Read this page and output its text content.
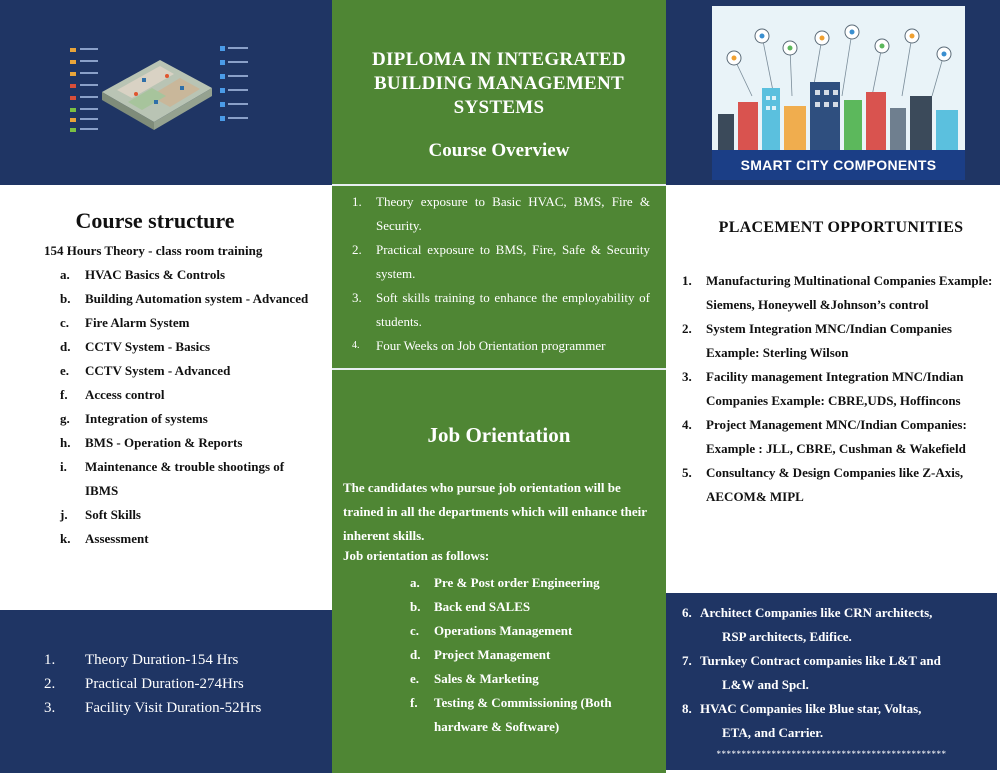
Course structure
154 Hours Theory - class room training
a.	HVAC Basics & Controls
b.	Building Automation system - Advanced
c.	Fire Alarm System
d.	CCTV System - Basics
e.	CCTV System - Advanced
f.	Access control
g.	Integration of systems
h.	BMS - Operation & Reports
i.	Maintenance & trouble shootings of IBMS
j.	Soft Skills
k.	Assessment
1.	Theory Duration-154 Hrs
2.	Practical Duration-274Hrs
3.	Facility Visit Duration-52Hrs
DIPLOMA IN INTEGRATED
BUILDING MANAGEMENT
SYSTEMS
Course Overview
1.	Theory exposure to Basic HVAC, BMS, Fire & Security.
2.	Practical exposure to BMS, Fire, Safe & Security system.
3.	Soft skills training to enhance the employability of students.
4.	Four Weeks on Job Orientation programmer
Job Orientation
The candidates who pursue job orientation will be trained in all the departments which will enhance their inherent skills.
Job orientation as follows:
a.	Pre & Post order Engineering
b.	Back end SALES
c.	Operations Management
d.	Project Management
e.	Sales & Marketing
f.	Testing & Commissioning (Both hardware & Software)
SMART CITY COMPONENTS
PLACEMENT OPPORTUNITIES
1.	Manufacturing Multinational Companies Example: Siemens, Honeywell &Johnson’s control
2.	System Integration MNC/Indian Companies Example: Sterling Wilson
3.	Facility management Integration MNC/Indian Companies Example: CBRE,UDS, Hoffincons
4.	Project Management MNC/Indian Companies: Example : JLL, CBRE, Cushman & Wakefield
5.	Consultancy & Design Companies like Z-Axis, AECOM& MIPL
6. Architect Companies like CRN architects,
RSP architects, Edifice.
7. Turnkey Contract companies like L&T and
L&W and Spcl.
8. HVAC Companies like Blue star, Voltas,
ETA, and Carrier.
**********************************************
